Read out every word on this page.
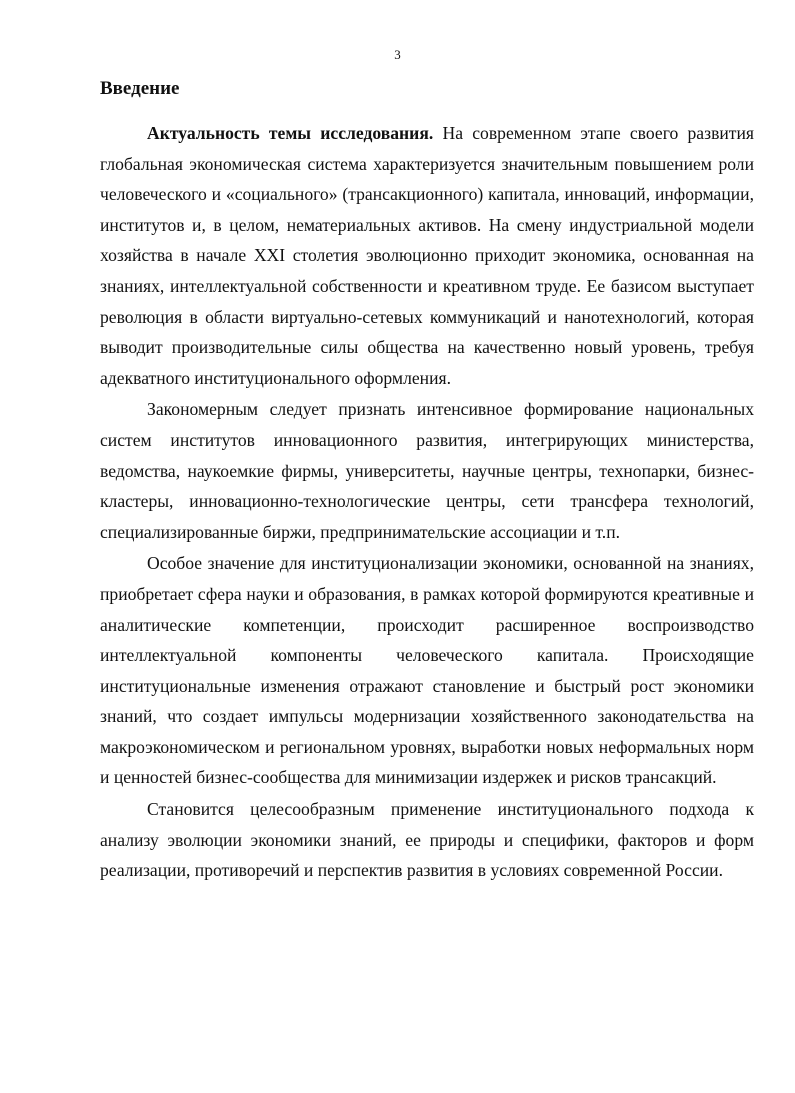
3
Введение

Актуальность темы исследования. На современном этапе своего развития глобальная экономическая система характеризуется значительным повышением роли человеческого и «социального» (трансакционного) капитала, инноваций, информации, институтов и, в целом, нематериальных активов. На смену индустриальной модели хозяйства в начале XXI столетия эволюционно приходит экономика, основанная на знаниях, интеллектуальной собственности и креативном труде. Ее базисом выступает революция в области виртуально-сетевых коммуникаций и нанотехнологий, которая выводит производительные силы общества на качественно новый уровень, требуя адекватного институционального оформления.

Закономерным следует признать интенсивное формирование национальных систем институтов инновационного развития, интегрирующих министерства, ведомства, наукоемкие фирмы, университеты, научные центры, технопарки, бизнес-кластеры, инновационно-технологические центры, сети трансфера технологий, специализированные биржи, предпринимательские ассоциации и т.п.

Особое значение для институционализации экономики, основанной на знаниях, приобретает сфера науки и образования, в рамках которой формируются креативные и аналитические компетенции, происходит расширенное воспроизводство интеллектуальной компоненты человеческого капитала. Происходящие институциональные изменения отражают становление и быстрый рост экономики знаний, что создает импульсы модернизации хозяйственного законодательства на макроэкономическом и региональном уровнях, выработки новых неформальных норм и ценностей бизнес-сообщества для минимизации издержек и рисков трансакций.

Становится целесообразным применение институционального подхода к анализу эволюции экономики знаний, ее природы и специфики, факторов и форм реализации, противоречий и перспектив развития в условиях современной России.
